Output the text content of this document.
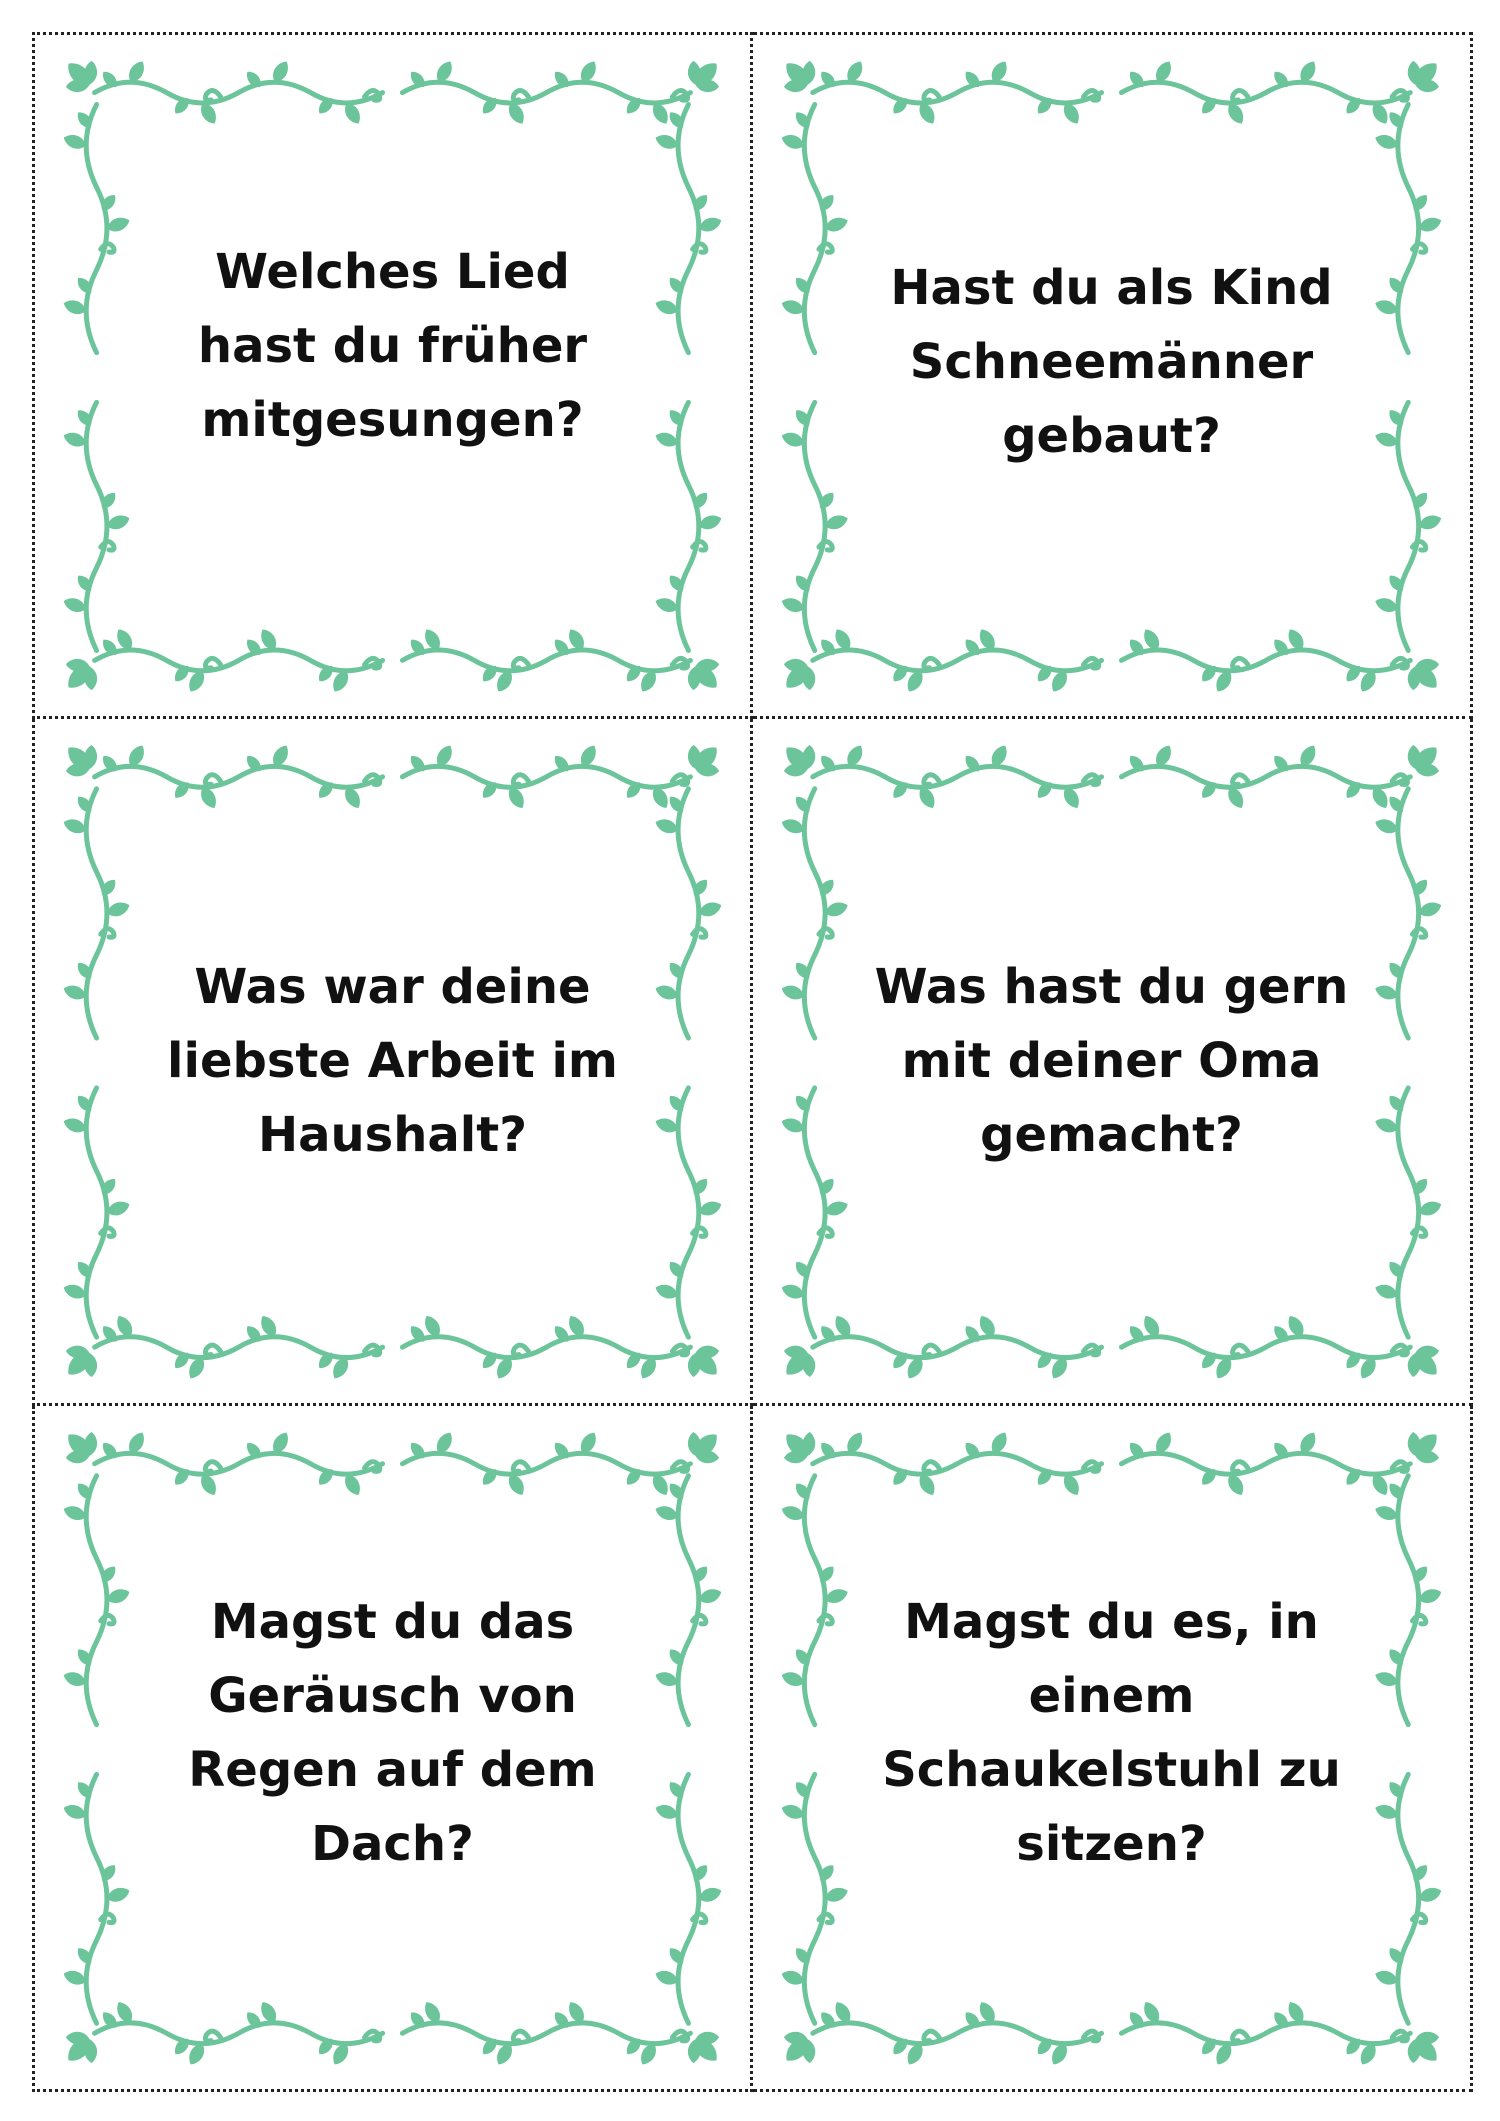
Welches Lied
hast du früher
mitgesungen?
Hast du als Kind
Schneemänner
gebaut?
Was war deine
liebste Arbeit im
Haushalt?
Was hast du gern
mit deiner Oma
gemacht?
Magst du das
Geräusch von
Regen auf dem
Dach?
Magst du es, in
einem
Schaukelstuhl zu
sitzen?
